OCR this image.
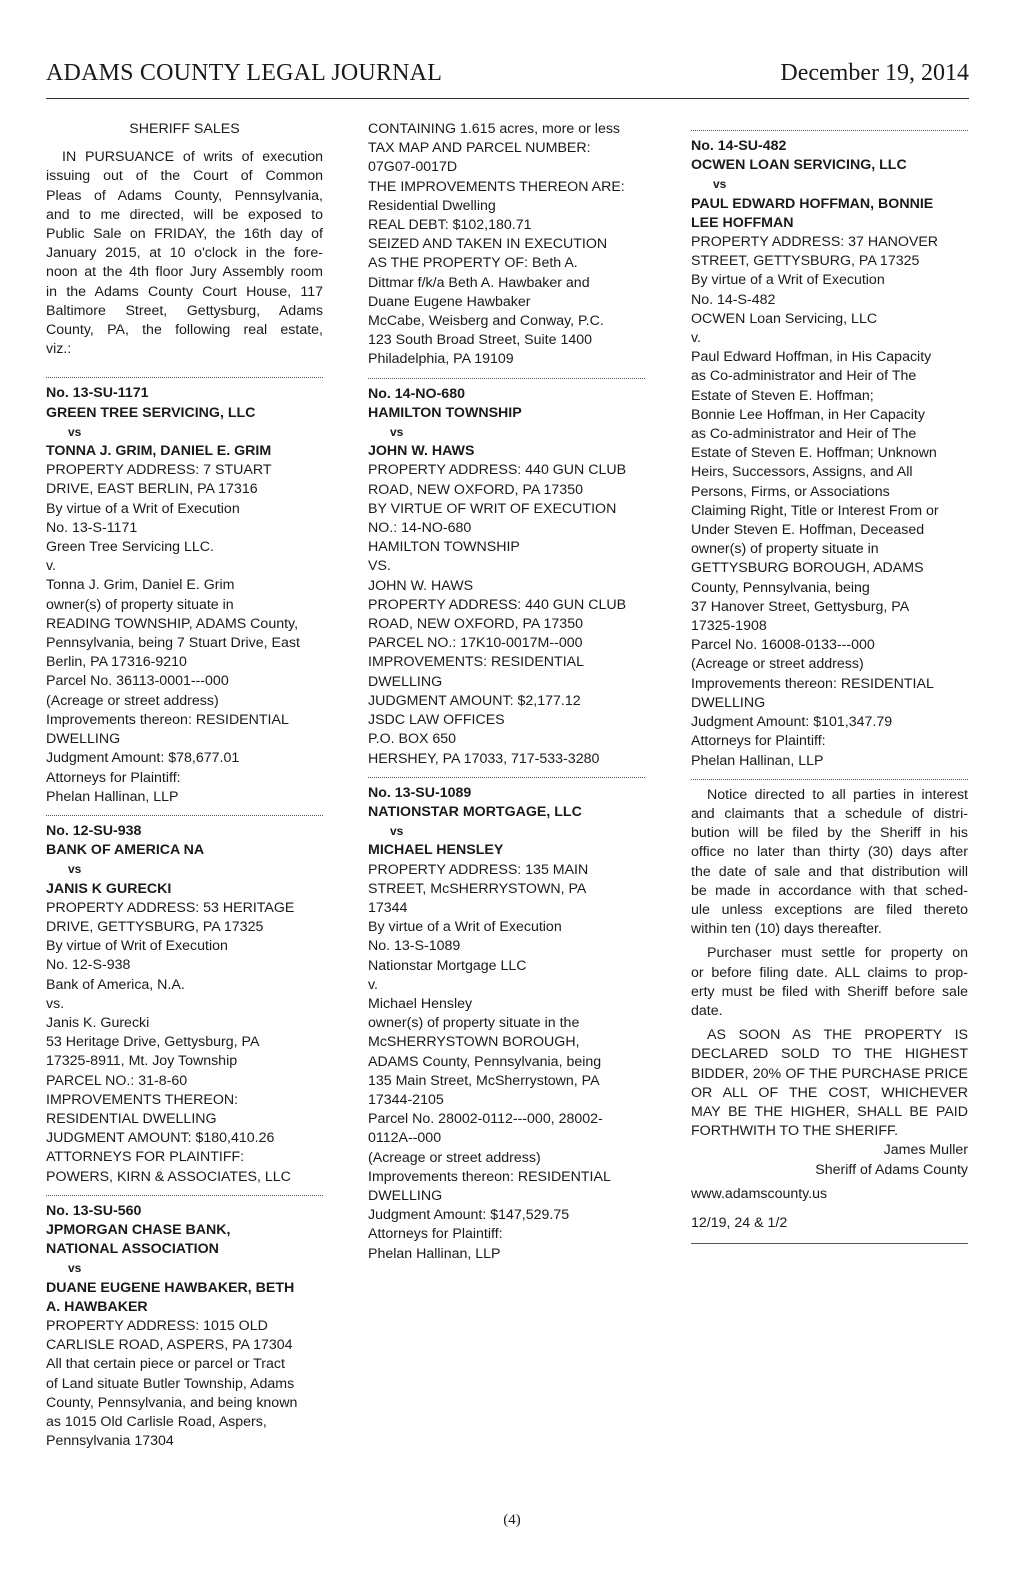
ADAMS COUNTY LEGAL JOURNAL	December 19, 2014
SHERIFF SALES
IN PURSUANCE of writs of execution
issuing out of the Court of Common
Pleas of Adams County, Pennsylvania,
and to me directed, will be exposed to
Public Sale on FRIDAY, the 16th day of
January 2015, at 10 o'clock in the fore-
noon at the 4th floor Jury Assembly room
in the Adams County Court House, 117
Baltimore Street, Gettysburg, Adams
County, PA, the following real estate,
viz.:
No. 13-SU-1171
GREEN TREE SERVICING, LLC
vs
TONNA J. GRIM, DANIEL E. GRIM
PROPERTY ADDRESS: 7 STUART
DRIVE, EAST BERLIN, PA 17316
By virtue of a Writ of Execution
No. 13-S-1171
Green Tree Servicing LLC.
v.
Tonna J. Grim, Daniel E. Grim
owner(s) of property situate in
READING TOWNSHIP, ADAMS County,
Pennsylvania, being 7 Stuart Drive, East
Berlin, PA 17316-9210
Parcel No. 36113-0001---000
(Acreage or street address)
Improvements thereon: RESIDENTIAL
DWELLING
Judgment Amount: $78,677.01
Attorneys for Plaintiff:
Phelan Hallinan, LLP
No. 12-SU-938
BANK OF AMERICA NA
vs
JANIS K GURECKI
PROPERTY ADDRESS: 53 HERITAGE
DRIVE, GETTYSBURG, PA 17325
By virtue of Writ of Execution
No. 12-S-938
Bank of America, N.A.
vs.
Janis K. Gurecki
53 Heritage Drive, Gettysburg, PA
17325-8911, Mt. Joy Township
PARCEL NO.: 31-8-60
IMPROVEMENTS THEREON:
RESIDENTIAL DWELLING
JUDGMENT AMOUNT: $180,410.26
ATTORNEYS FOR PLAINTIFF:
POWERS, KIRN & ASSOCIATES, LLC
No. 13-SU-560
JPMORGAN CHASE BANK,
NATIONAL ASSOCIATION
vs
DUANE EUGENE HAWBAKER, BETH
A. HAWBAKER
PROPERTY ADDRESS: 1015 OLD
CARLISLE ROAD, ASPERS, PA 17304
All that certain piece or parcel or Tract
of Land situate Butler Township, Adams
County, Pennsylvania, and being known
as 1015 Old Carlisle Road, Aspers,
Pennsylvania 17304
CONTAINING 1.615 acres, more or less
TAX MAP AND PARCEL NUMBER:
07G07-0017D
THE IMPROVEMENTS THEREON ARE:
Residential Dwelling
REAL DEBT: $102,180.71
SEIZED AND TAKEN IN EXECUTION
AS THE PROPERTY OF: Beth A.
Dittmar f/k/a Beth A. Hawbaker and
Duane Eugene Hawbaker
McCabe, Weisberg and Conway, P.C.
123 South Broad Street, Suite 1400
Philadelphia, PA 19109
No. 14-NO-680
HAMILTON TOWNSHIP
vs
JOHN W. HAWS
PROPERTY ADDRESS: 440 GUN CLUB
ROAD, NEW OXFORD, PA 17350
BY VIRTUE OF WRIT OF EXECUTION
NO.: 14-NO-680
HAMILTON TOWNSHIP
VS.
JOHN W. HAWS
PROPERTY ADDRESS: 440 GUN CLUB
ROAD, NEW OXFORD, PA 17350
PARCEL NO.: 17K10-0017M--000
IMPROVEMENTS: RESIDENTIAL
DWELLING
JUDGMENT AMOUNT: $2,177.12
JSDC LAW OFFICES
P.O. BOX 650
HERSHEY, PA 17033, 717-533-3280
No. 13-SU-1089
NATIONSTAR MORTGAGE, LLC
vs
MICHAEL HENSLEY
PROPERTY ADDRESS: 135 MAIN
STREET, McSHERRYSTOWN, PA
17344
By virtue of a Writ of Execution
No. 13-S-1089
Nationstar Mortgage LLC
v.
Michael Hensley
owner(s) of property situate in the
McSHERRYSTOWN BOROUGH,
ADAMS County, Pennsylvania, being
135 Main Street, McSherrystown, PA
17344-2105
Parcel No. 28002-0112---000, 28002-
0112A--000
(Acreage or street address)
Improvements thereon: RESIDENTIAL
DWELLING
Judgment Amount: $147,529.75
Attorneys for Plaintiff:
Phelan Hallinan, LLP
No. 14-SU-482
OCWEN LOAN SERVICING, LLC
vs
PAUL EDWARD HOFFMAN, BONNIE
LEE HOFFMAN
PROPERTY ADDRESS: 37 HANOVER
STREET, GETTYSBURG, PA 17325
By virtue of a Writ of Execution
No. 14-S-482
OCWEN Loan Servicing, LLC
v.
Paul Edward Hoffman, in His Capacity
as Co-administrator and Heir of The
Estate of Steven E. Hoffman;
Bonnie Lee Hoffman, in Her Capacity
as Co-administrator and Heir of The
Estate of Steven E. Hoffman; Unknown
Heirs, Successors, Assigns, and All
Persons, Firms, or Associations
Claiming Right, Title or Interest From or
Under Steven E. Hoffman, Deceased
owner(s) of property situate in
GETTYSBURG BOROUGH, ADAMS
County, Pennsylvania, being
37 Hanover Street, Gettysburg, PA
17325-1908
Parcel No. 16008-0133---000
(Acreage or street address)
Improvements thereon: RESIDENTIAL
DWELLING
Judgment Amount: $101,347.79
Attorneys for Plaintiff:
Phelan Hallinan, LLP
Notice directed to all parties in interest
and claimants that a schedule of distri-
bution will be filed by the Sheriff in his
office no later than thirty (30) days after
the date of sale and that distribution will
be made in accordance with that sched-
ule unless exceptions are filed thereto
within ten (10) days thereafter.
Purchaser must settle for property on
or before filing date. ALL claims to prop-
erty must be filed with Sheriff before sale
date.
AS SOON AS THE PROPERTY IS
DECLARED SOLD TO THE HIGHEST
BIDDER, 20% OF THE PURCHASE PRICE
OR ALL OF THE COST, WHICHEVER
MAY BE THE HIGHER, SHALL BE PAID
FORTHWITH TO THE SHERIFF.
James Muller
Sheriff of Adams County
www.adamscounty.us
12/19, 24 & 1/2
(4)
